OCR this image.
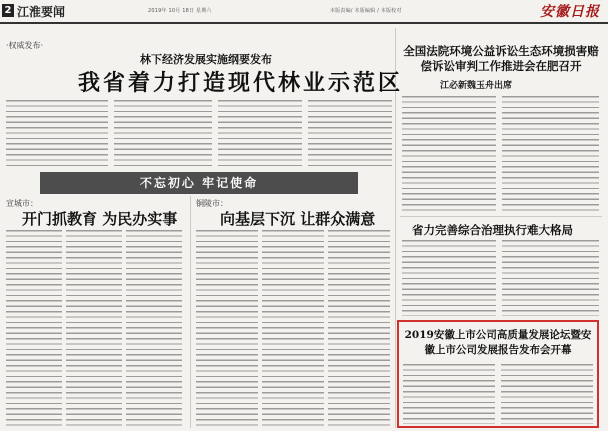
2 江淮要闻	2019年 10月 18日 星期六	本版责编/ 本版编辑 / 本版校对	安徽日报
·权威发布·
林下经济发展实施纲要发布
我省着力打造现代林业示范区
不忘初心 牢记使命
宣城市：
开门抓教育 为民办实事
铜陵市：
向基层下沉 让群众满意
全国法院环境公益诉讼生态环境损害赔偿诉讼审判工作推进会在肥召开
江必新魏玉舟出席
省力完善综合治理执行难大格局
2019安徽上市公司高质量发展论坛暨安徽上市公司发展报告发布会开幕
